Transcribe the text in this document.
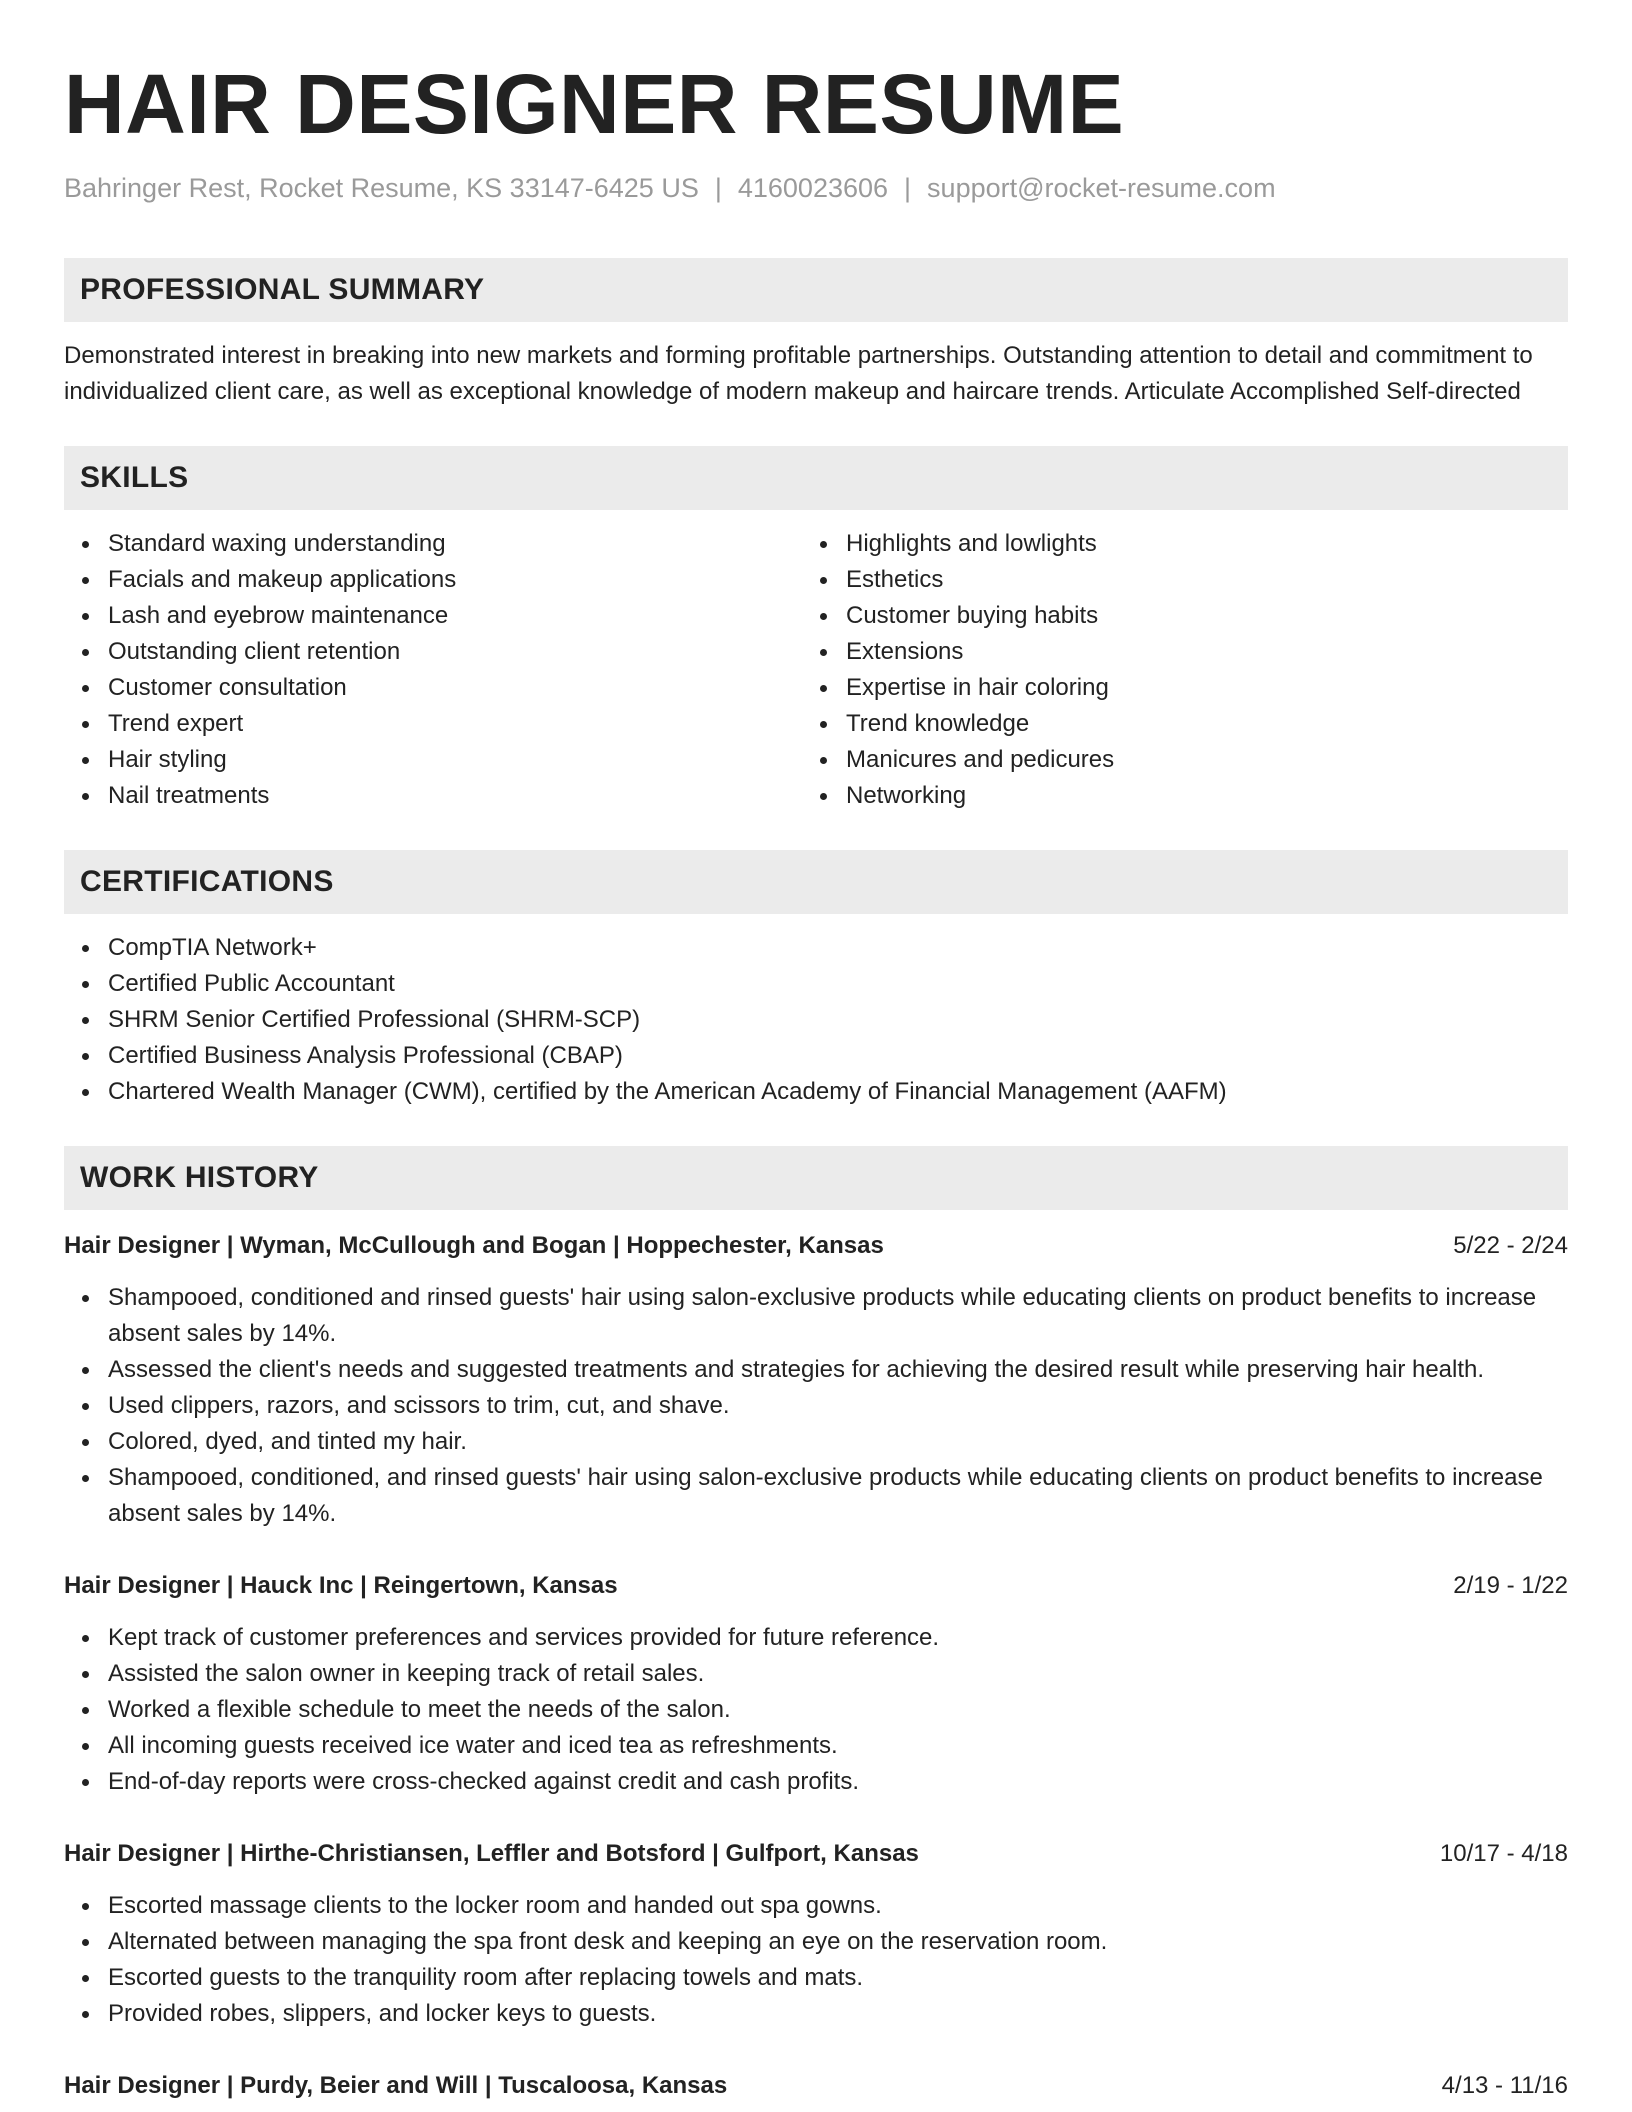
HAIR DESIGNER RESUME
Bahringer Rest, Rocket Resume, KS 33147-6425 US | 4160023606 | support@rocket-resume.com
PROFESSIONAL SUMMARY

Demonstrated interest in breaking into new markets and forming profitable partnerships. Outstanding attention to detail and commitment to individualized client care, as well as exceptional knowledge of modern makeup and haircare trends. Articulate Accomplished Self-directed

SKILLS
Standard waxing understanding
Facials and makeup applications
Lash and eyebrow maintenance
Outstanding client retention
Customer consultation
Trend expert
Hair styling
Nail treatments
Highlights and lowlights
Esthetics
Customer buying habits
Extensions
Expertise in hair coloring
Trend knowledge
Manicures and pedicures
Networking
CERTIFICATIONS
CompTIA Network+
Certified Public Accountant
SHRM Senior Certified Professional (SHRM-SCP)
Certified Business Analysis Professional (CBAP)
Chartered Wealth Manager (CWM), certified by the American Academy of Financial Management (AAFM)
WORK HISTORY
Hair Designer | Wyman, McCullough and Bogan | Hoppechester, Kansas	5/22 - 2/24
Shampooed, conditioned and rinsed guests' hair using salon-exclusive products while educating clients on product benefits to increase absent sales by 14%.
Assessed the client's needs and suggested treatments and strategies for achieving the desired result while preserving hair health.
Used clippers, razors, and scissors to trim, cut, and shave.
Colored, dyed, and tinted my hair.
Shampooed, conditioned, and rinsed guests' hair using salon-exclusive products while educating clients on product benefits to increase absent sales by 14%.
Hair Designer | Hauck Inc | Reingertown, Kansas	2/19 - 1/22
Kept track of customer preferences and services provided for future reference.
Assisted the salon owner in keeping track of retail sales.
Worked a flexible schedule to meet the needs of the salon.
All incoming guests received ice water and iced tea as refreshments.
End-of-day reports were cross-checked against credit and cash profits.
Hair Designer | Hirthe-Christiansen, Leffler and Botsford | Gulfport, Kansas	10/17 - 4/18
Escorted massage clients to the locker room and handed out spa gowns.
Alternated between managing the spa front desk and keeping an eye on the reservation room.
Escorted guests to the tranquility room after replacing towels and mats.
Provided robes, slippers, and locker keys to guests.
Hair Designer | Purdy, Beier and Will | Tuscaloosa, Kansas	4/13 - 11/16
